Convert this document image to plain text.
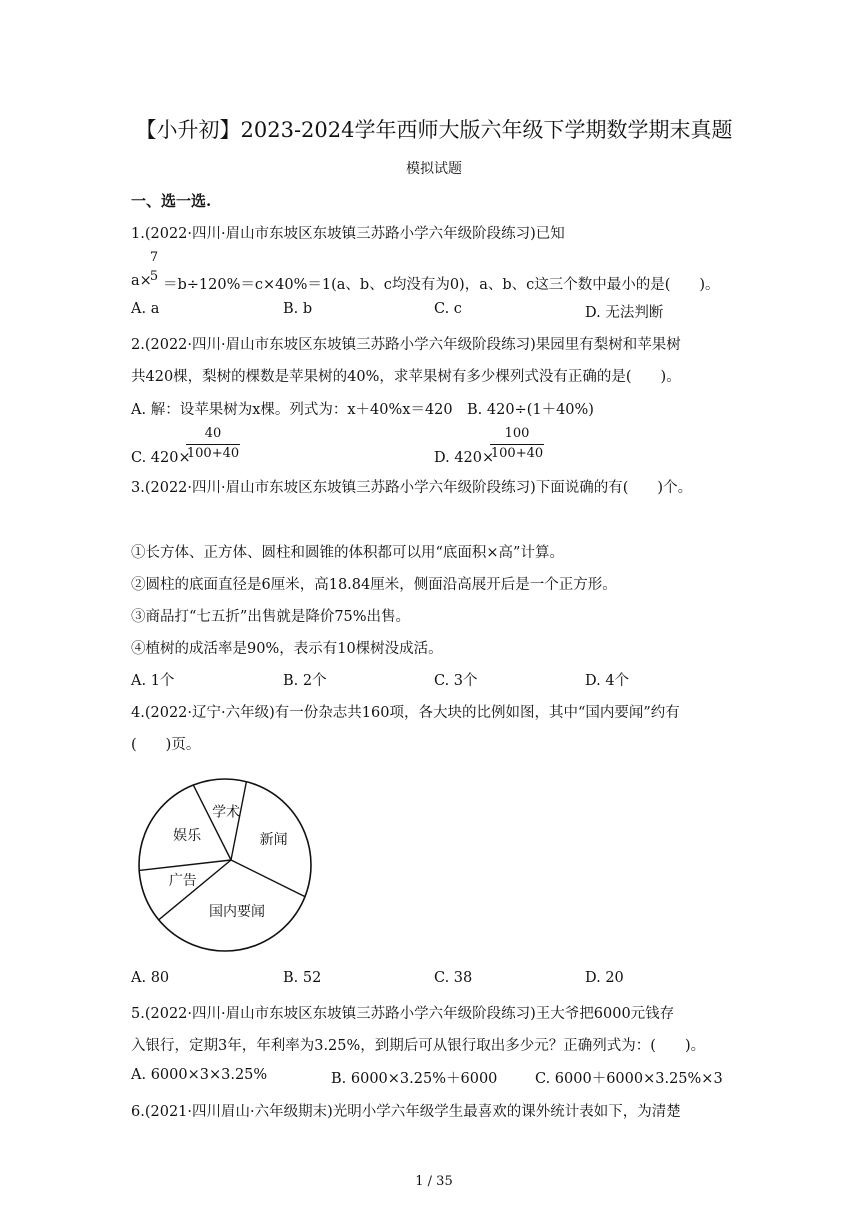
【小升初】2023-2024学年西师大版六年级下学期数学期末真题
模拟试题
一、选一选.
1.(2022·四川·眉山市东坡区东坡镇三苏路小学六年级阶段练习)已知
7
a×
5
＝b÷120%＝c×40%＝1(a、b、c均没有为0)，a、b、c这三个数中最小的是(　　)。
A. a	B. b	C. c	D. 无法判断
2.(2022·四川·眉山市东坡区东坡镇三苏路小学六年级阶段练习)果园里有梨树和苹果树
共420棵，梨树的棵数是苹果树的40%，求苹果树有多少棵列式没有正确的是(　　)。
A. 解：设苹果树为x棵。列式为：x＋40%x＝420 B. 420÷(1＋40%)
C. 420×
40
100+40	D. 420×
100
100+40
3.(2022·四川·眉山市东坡区东坡镇三苏路小学六年级阶段练习)下面说确的有(　　)个。
①长方体、正方体、圆柱和圆锥的体积都可以用“底面积×高”计算。
②圆柱的底面直径是6厘米，高18.84厘米，侧面沿高展开后是一个正方形。
③商品打“七五折”出售就是降价75%出售。
④植树的成活率是90%，表示有10棵树没成活。
A. 1个	B. 2个	C. 3个	D. 4个
4.(2022·辽宁·六年级)有一份杂志共160项，各大块的比例如图，其中“国内要闻”约有
(　　)页。
学术
新闻
国内要闻
广告
娱乐
A. 80	B. 52	C. 38	D. 20
5.(2022·四川·眉山市东坡区东坡镇三苏路小学六年级阶段练习)王大爷把6000元钱存
入银行，定期3年，年利率为3.25%，到期后可从银行取出多少元？正确列式为：(　　)。
A. 6000×3×3.25%	B. 6000×3.25%＋6000	C. 6000＋6000×3.25%×3
6.(2021·四川眉山·六年级期末)光明小学六年级学生最喜欢的课外统计表如下，为清楚
1 / 35
